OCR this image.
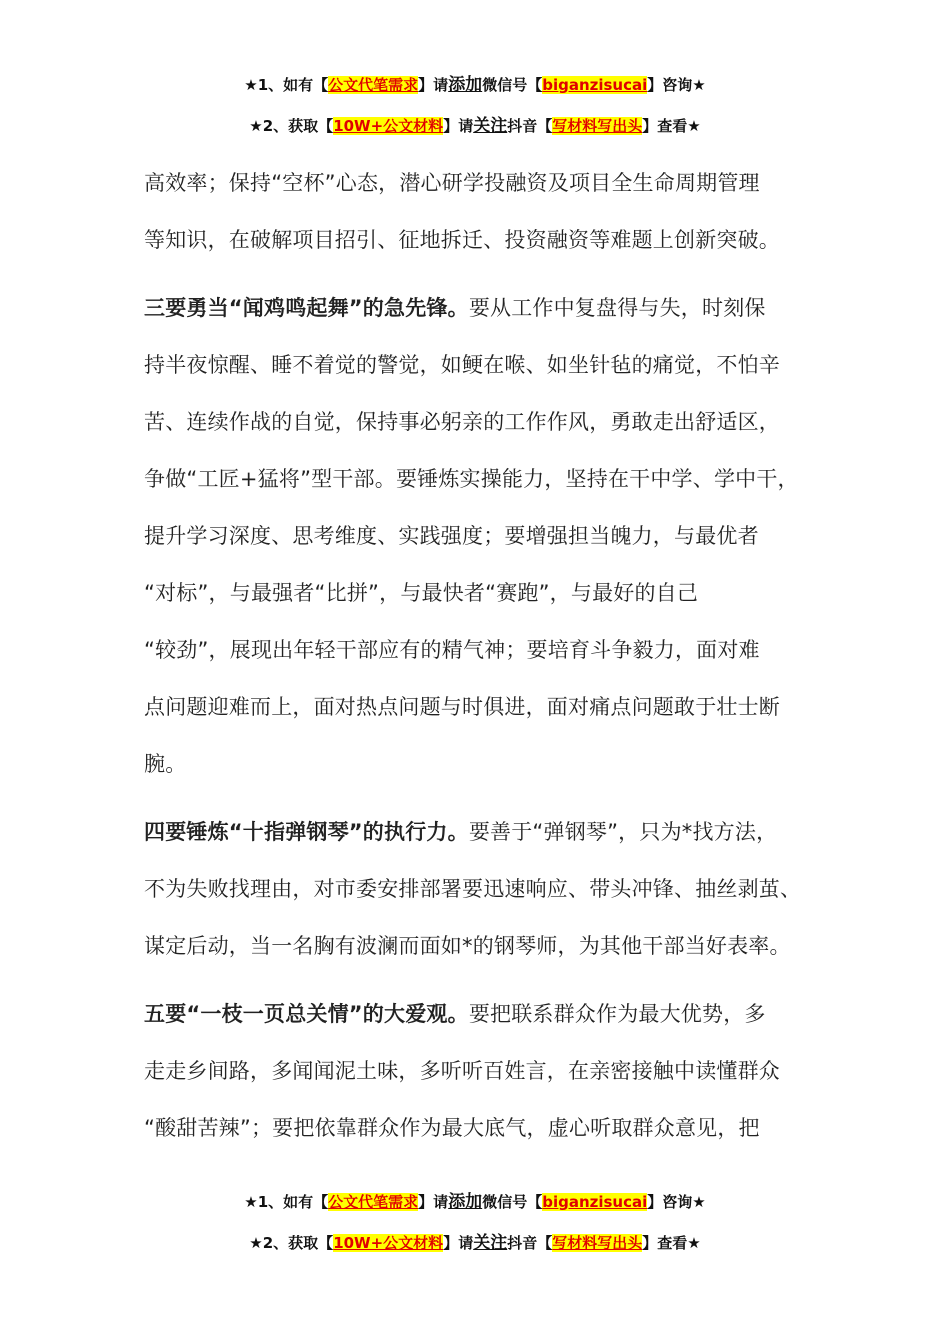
★1、如有【公文代笔需求】请添加微信号【biganzisucai】咨询★
★2、获取【10W+公文材料】请关注抖音【写材料写出头】查看★
高效率；保持“空杯”心态，潜心研学投融资及项目全生命周期管理
等知识，在破解项目招引、征地拆迁、投资融资等难题上创新突破。
三要勇当“闻鸡鸣起舞”的急先锋。要从工作中复盘得与失，时刻保
持半夜惊醒、睡不着觉的警觉，如鲠在喉、如坐针毡的痛觉，不怕辛
苦、连续作战的自觉，保持事必躬亲的工作作风，勇敢走出舒适区，
争做“工匠+猛将”型干部。要锤炼实操能力，坚持在干中学、学中干，
提升学习深度、思考维度、实践强度；要增强担当魄力，与最优者
“对标”，与最强者“比拼”，与最快者“赛跑”，与最好的自己
“较劲”，展现出年轻干部应有的精气神；要培育斗争毅力，面对难
点问题迎难而上，面对热点问题与时俱进，面对痛点问题敢于壮士断
腕。
四要锤炼“十指弹钢琴”的执行力。要善于“弹钢琴”，只为*找方法，
不为失败找理由，对市委安排部署要迅速响应、带头冲锋、抽丝剥茧、
谋定后动，当一名胸有波澜而面如*的钢琴师，为其他干部当好表率。
五要“一枝一页总关情”的大爱观。要把联系群众作为最大优势，多
走走乡间路，多闻闻泥土味，多听听百姓言，在亲密接触中读懂群众
“酸甜苦辣”；要把依靠群众作为最大底气，虚心听取群众意见，把
★1、如有【公文代笔需求】请添加微信号【biganzisucai】咨询★
★2、获取【10W+公文材料】请关注抖音【写材料写出头】查看★
